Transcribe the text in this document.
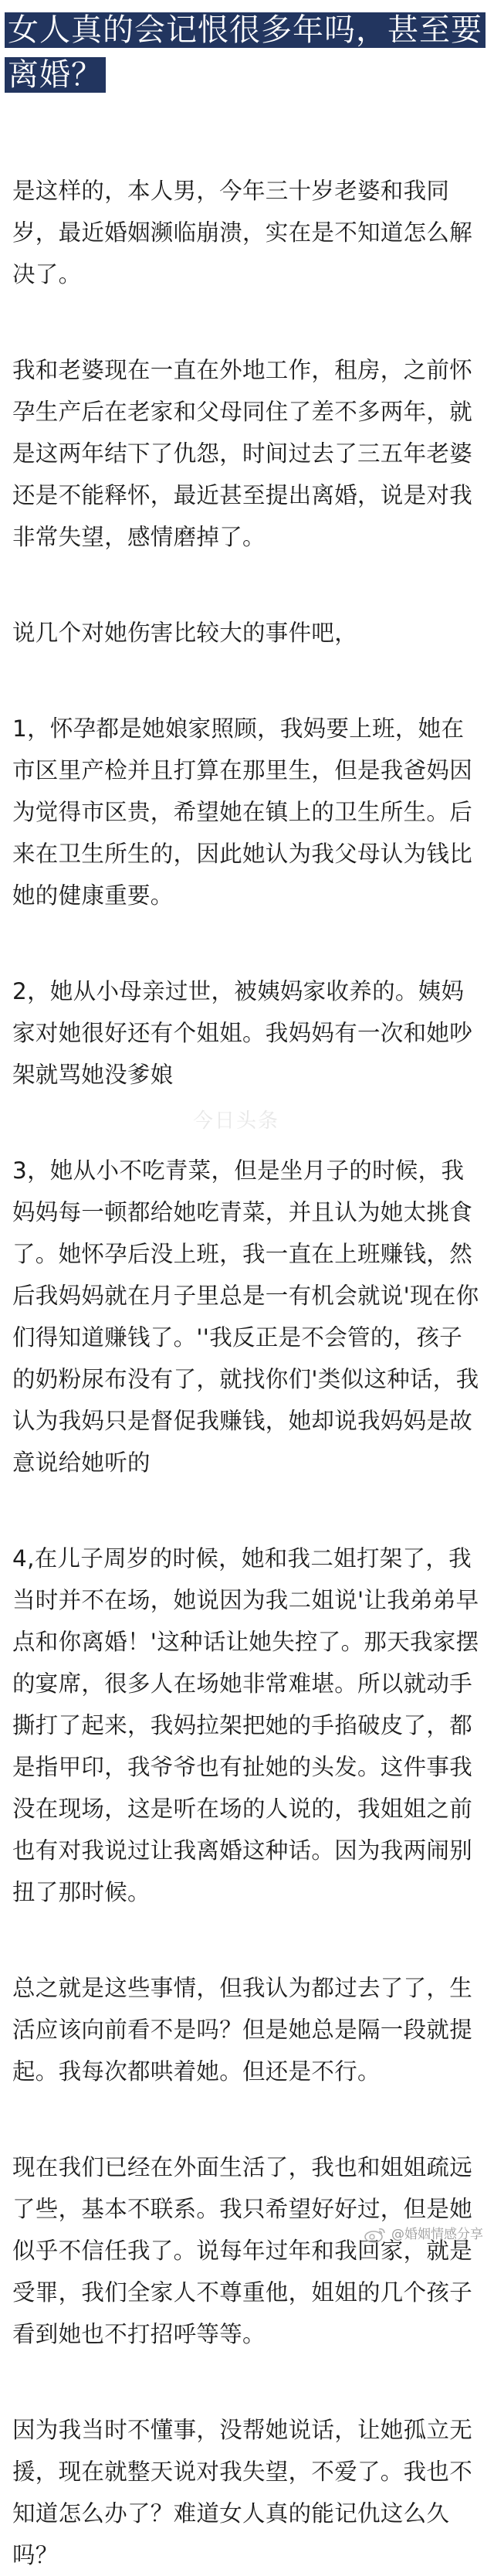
女人真的会记恨很多年吗，甚至要离婚？

是这样的，本人男，今年三十岁老婆和我同岁，最近婚姻濒临崩溃，实在是不知道怎么解决了。

我和老婆现在一直在外地工作，租房，之前怀孕生产后在老家和父母同住了差不多两年，就是这两年结下了仇怨，时间过去了三五年老婆还是不能释怀，最近甚至提出离婚，说是对我非常失望，感情磨掉了。

说几个对她伤害比较大的事件吧，

1，怀孕都是她娘家照顾，我妈要上班，她在市区里产检并且打算在那里生，但是我爸妈因为觉得市区贵，希望她在镇上的卫生所生。后来在卫生所生的，因此她认为我父母认为钱比她的健康重要。

2，她从小母亲过世，被姨妈家收养的。姨妈家对她很好还有个姐姐。我妈妈有一次和她吵架就骂她没爹娘

3，她从小不吃青菜，但是坐月子的时候，我妈妈每一顿都给她吃青菜，并且认为她太挑食了。她怀孕后没上班，我一直在上班赚钱，然后我妈妈就在月子里总是一有机会就说'现在你们得知道赚钱了。''我反正是不会管的，孩子的奶粉尿布没有了，就找你们'类似这种话，我认为我妈只是督促我赚钱，她却说我妈妈是故意说给她听的

4,在儿子周岁的时候，她和我二姐打架了，我当时并不在场，她说因为我二姐说'让我弟弟早点和你离婚！'这种话让她失控了。那天我家摆的宴席，很多人在场她非常难堪。所以就动手撕打了起来，我妈拉架把她的手掐破皮了，都是指甲印，我爷爷也有扯她的头发。这件事我没在现场，这是听在场的人说的，我姐姐之前也有对我说过让我离婚这种话。因为我两闹别扭了那时候。

总之就是这些事情，但我认为都过去了了，生活应该向前看不是吗？但是她总是隔一段就提起。我每次都哄着她。但还是不行。

现在我们已经在外面生活了，我也和姐姐疏远了些，基本不联系。我只希望好好过，但是她似乎不信任我了。说每年过年和我回家，就是受罪，我们全家人不尊重他，姐姐的几个孩子看到她也不打招呼等等。

因为我当时不懂事，没帮她说话，让她孤立无援，现在就整天说对我失望，不爱了。我也不知道怎么办了？难道女人真的能记仇这么久吗？

今日头条
@婚姻情感分享
